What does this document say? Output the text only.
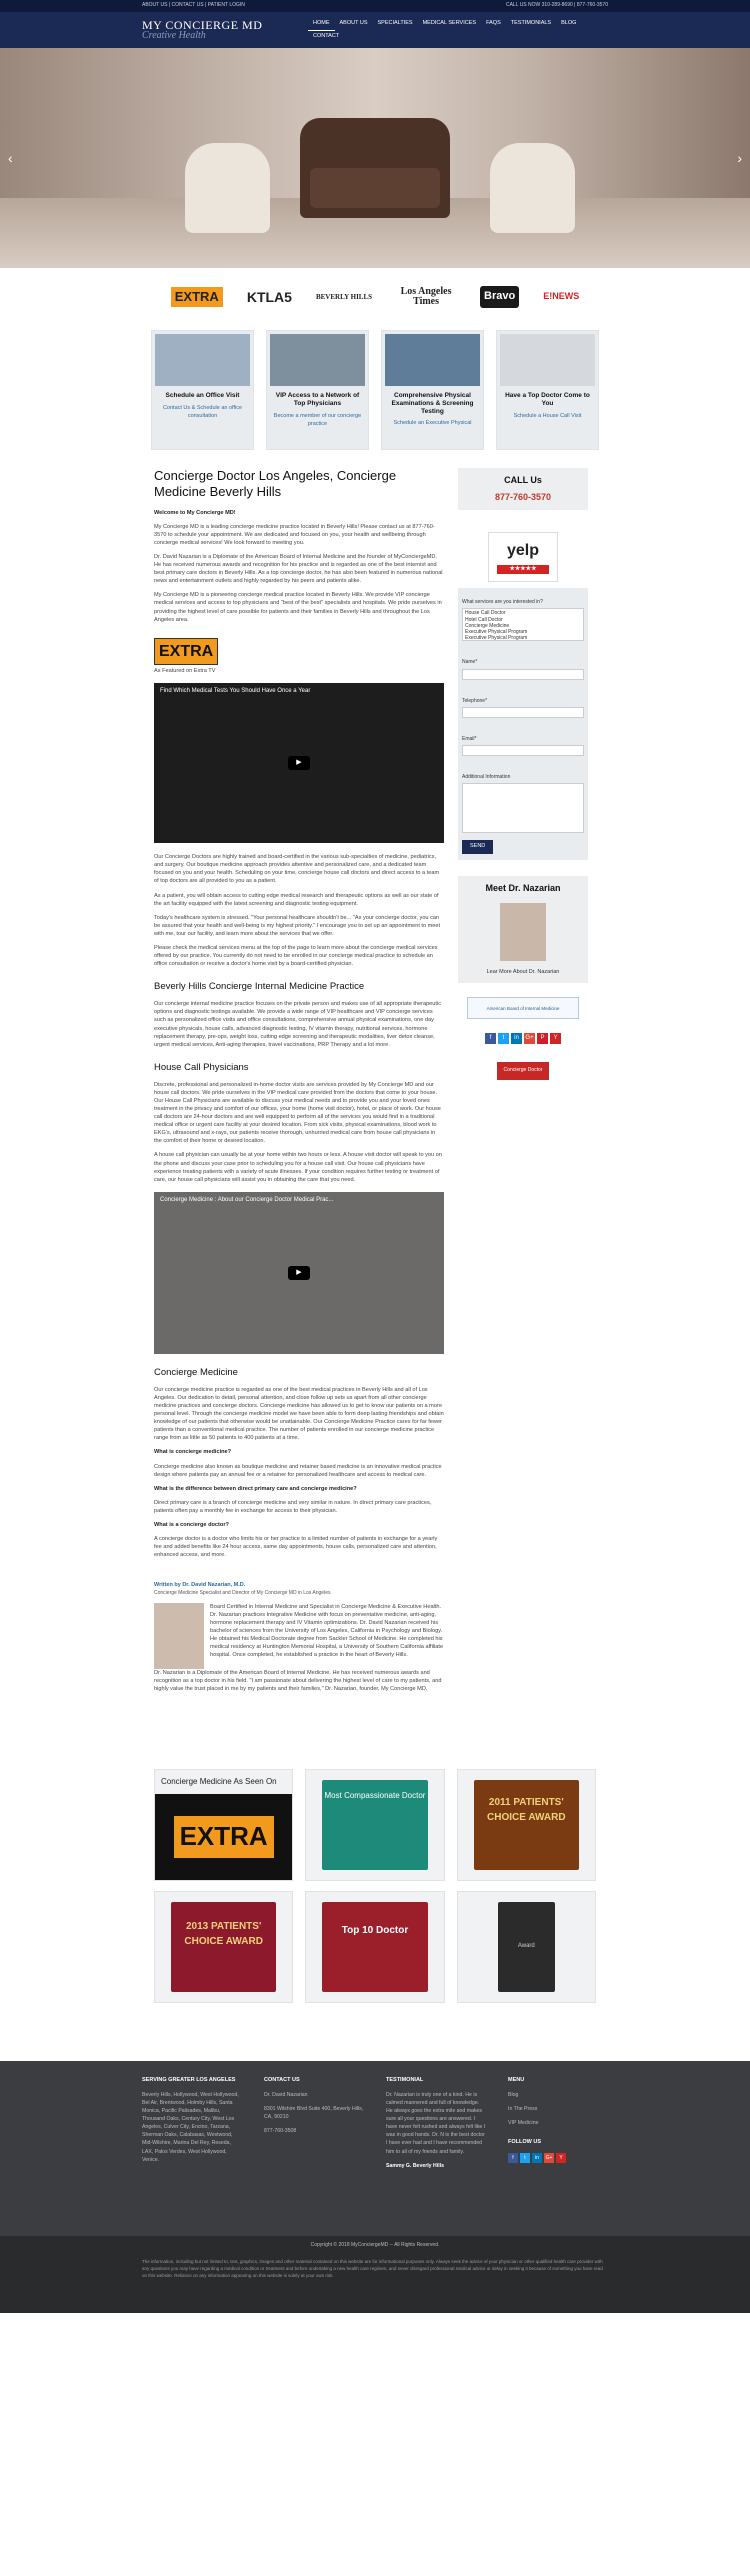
ABOUT US | CONTACT US | PATIENT LOGIN	CALL US NOW 310-289-8690 | 877-760-3570
MY CONCIERGE MD
Creative Health
HOME	ABOUT US	SPECIALTIES	MEDICAL SERVICES	FAQS	TESTIMONIALS	BLOG
CONTACT
‹	›
EXTRA KTLA5	BEVERLY HILLS	Los Angeles Times	Bravo	E!NEWS
Schedule an Office Visit
Contact Us & Schedule an office consultation
VIP Access to a Network of Top Physicians
Become a member of our concierge practice
Comprehensive Physical Examinations & Screening Testing
Schedule an Executive Physical
Have a Top Doctor Come to You
Schedule a House Call Visit
Concierge Doctor Los Angeles, Concierge Medicine Beverly Hills

Welcome to My Concierge MD!

My Concierge MD is a leading concierge medicine practice located in Beverly Hills! Please contact us at 877-760-3570 to schedule your appointment. We are dedicated and focused on you, your health and wellbeing through concierge medical services! We look forward to meeting you.

Dr. David Nazarian is a Diplomate of the American Board of Internal Medicine and the founder of MyConciergeMD. He has received numerous awards and recognition for his practice and is regarded as one of the best internist and best primary care doctors in Beverly Hills. As a top concierge doctor, he has also been featured in numerous national news and entertainment outlets and highly regarded by his peers and patients alike.

My Concierge MD is a pioneering concierge medical practice located in Beverly Hills. We provide VIP concierge medical services and access to top physicians and "best of the best" specialists and hospitals. We pride ourselves in providing the highest level of care possible for patients and their families in Beverly Hills and throughout the Los Angeles area.

EXTRA

As Featured on Extra TV

Find Which Medical Tests You Should Have Once a Year
▶

Our Concierge Doctors are highly trained and board-certified in the various sub-specialties of medicine, pediatrics, and surgery. Our boutique medicine approach provides attentive and personalized care, and a dedicated team focused on you and your health. Scheduling on your time, concierge house call doctors and direct access to a team of top doctors are all provided to you as a patient.

As a patient, you will obtain access to cutting edge medical research and therapeutic options as well as our state of the art facility equipped with the latest screening and diagnostic testing equipment.

Today's healthcare system is stressed. "Your personal healthcare shouldn't be... "As your concierge doctor, you can be assured that your health and well-being is my highest priority." I encourage you to set up an appointment to meet with me, tour our facility, and learn more about the services that we offer.

Please check the medical services menu at the top of the page to learn more about the concierge medical services offered by our practice. You currently do not need to be enrolled in our concierge medical practice to schedule an office consultation or receive a doctor's home visit by a board-certified physician.

Beverly Hills Concierge Internal Medicine Practice

Our concierge internal medicine practice focuses on the private person and makes use of all appropriate therapeutic options and diagnostic testings available. We provide a wide range of VIP healthcare and VIP concierge services such as personalized office visits and office consultations, comprehensive annual physical examinations, one day executive physicals, house calls, advanced diagnostic testing, IV vitamin therapy, nutritional services, hormone replacement therapy, pre-ops, weight loss, cutting edge screening and therapeutic modalities, liver detox cleanse, urgent medical services, Anti-aging therapies, travel vaccinations, PRP Therapy and a lot more.

House Call Physicians

Discrete, professional and personalized in-home doctor visits are services provided by My Concierge MD and our house call doctors. We pride ourselves in the VIP medical care provided from the doctors that come to your house. Our House Call Physicians are available to discuss your medical needs and to provide you and your loved ones treatment in the privacy and comfort of our offices, your home (home visit doctor), hotel, or place of work. Our house call doctors are 24-hour doctors and are well equipped to perform all of the services you would find in a traditional medical office or urgent care facility at your desired location. From sick visits, physical examinations, blood work to EKG's, ultrasound and x-rays, our patients receive thorough, unhurried medical care from house call physicians in the comfort of their home or desired location.

A house call physician can usually be at your home within two hours or less. A house visit doctor will speak to you on the phone and discuss your case prior to scheduling you for a house call visit. Our house call physicians have experience treating patients with a variety of acute illnesses. If your condition requires further testing or treatment of care, our house call physicians will assist you in obtaining the care that you need.

Concierge Medicine : About our Concierge Doctor Medical Prac...
▶
Concierge Medicine

Our concierge medicine practice is regarded as one of the best medical practices in Beverly Hills and all of Los Angeles. Our dedication to detail, personal attention, and close follow up sets us apart from all other concierge medicine practices and concierge doctors. Concierge medicine has allowed us to get to know our patients on a more personal level. Through the concierge medicine model we have been able to form deep lasting friendships and obtain knowledge of our patients that otherwise would be unattainable. Our Concierge Medicine Practice cares for far fewer patients than a conventional medical practice. The number of patients enrolled in our concierge medicine practice range from as little as 50 patients to 400 patients at a time.

What is concierge medicine?

Concierge medicine also known as boutique medicine and retainer based medicine is an innovative medical practice design where patients pay an annual fee or a retainer for personalized healthcare and access to medical care.

What is the difference between direct primary care and concierge medicine?

Direct primary care is a branch of concierge medicine and very similar in nature. In direct primary care practices, patients often pay a monthly fee in exchange for access to their physician.

What is a concierge doctor?

A concierge doctor is a doctor who limits his or her practice to a limited number of patients in exchange for a yearly fee and added benefits like 24 hour access, same day appointments, house calls, personalized care and attention, enhanced access, and more.

Written by Dr. David Nazarian, M.D.
Concierge Medicine Specialist and Director of My Concierge MD in Los Angeles

Board Certified in Internal Medicine and Specialist in Concierge Medicine & Executive Health. Dr. Nazarian practices Integrative Medicine with focus on preventative medicine, anti-aging, hormone replacement therapy and IV Vitamin optimizations. Dr. David Nazarian received his bachelor of sciences from the University of Los Angeles, California in Psychology and Biology. He obtained his Medical Doctorate degree from Sackler School of Medicine. He completed his medical residency at Huntington Memorial Hospital, a University of Southern California affiliate hospital. Once completed, he established a practice in the heart of Beverly Hills.

Dr. Nazarian is a Diplomate of the American Board of Internal Medicine. He has received numerous awards and recognition as a top doctor in his field. "I am passionate about delivering the highest level of care to my patients, and highly value the trust placed in me by my patients and their families," Dr. Nazarian, founder, My Concierge MD.

CALL Us
877-760-3570
yelp
★★★★★
What services are you interested in?
House Call Doctor
Hotel Call Doctor
Concierge Medicine
Executive Physical Program
Executive Physical Program
Name*
Telephone*
Email*
Additional Information
SEND
Meet Dr. Nazarian
Lear More About Dr. Nazarian
American Board of Internal Medicine
f	t	in	G+	P	Y
Concierge Doctor
Concierge Medicine As Seen On
EXTRA
Most Compassionate Doctor
2011 PATIENTS' CHOICE AWARD
2013 PATIENTS' CHOICE AWARD
Top 10 Doctor
Award
SERVING GREATER LOS ANGELES
Beverly Hills, Hollywood, West Hollywood, Bel Air, Brentwood, Holmby Hills, Santa Monica, Pacific Palisades, Malibu, Thousand Oaks, Century City, West Los Angeles, Culver City, Encino, Tarzana, Sherman Oaks, Calabasas, Westwood, Mid-Wilshire, Marina Del Rey, Reseda, LAX, Palos Verdes, West Hollywood, Venice.
CONTACT US
Dr. David Nazarian
8301 Wilshire Blvd Suite 400, Beverly Hills, CA, 90210
877-760-3508
TESTIMONIAL
Dr. Nazarian is truly one of a kind. He is calmed mannered and full of knowledge. He always goes the extra mile and makes sure all your questions are answered. I have never felt rushed and always felt like I was in good hands. Dr. N is the best doctor I have ever had and I have recommended him to all of my friends and family.
Sammy G. Beverly Hills
MENU
Blog
In The Press
VIP Medicine
FOLLOW US
f	t	in	G+	Y
Copyright © 2018 MyConciergeMD -- All Rights Reserved.
The information, including but not limited to, text, graphics, images and other material contained on this website are for informational purposes only. Always seek the advice of your physician or other qualified health care provider with any questions you may have regarding a medical condition or treatment and before undertaking a new health care regimen, and never disregard professional medical advice or delay in seeking it because of something you have read on this website. Reliance on any information appearing on this website is solely at your own risk.
